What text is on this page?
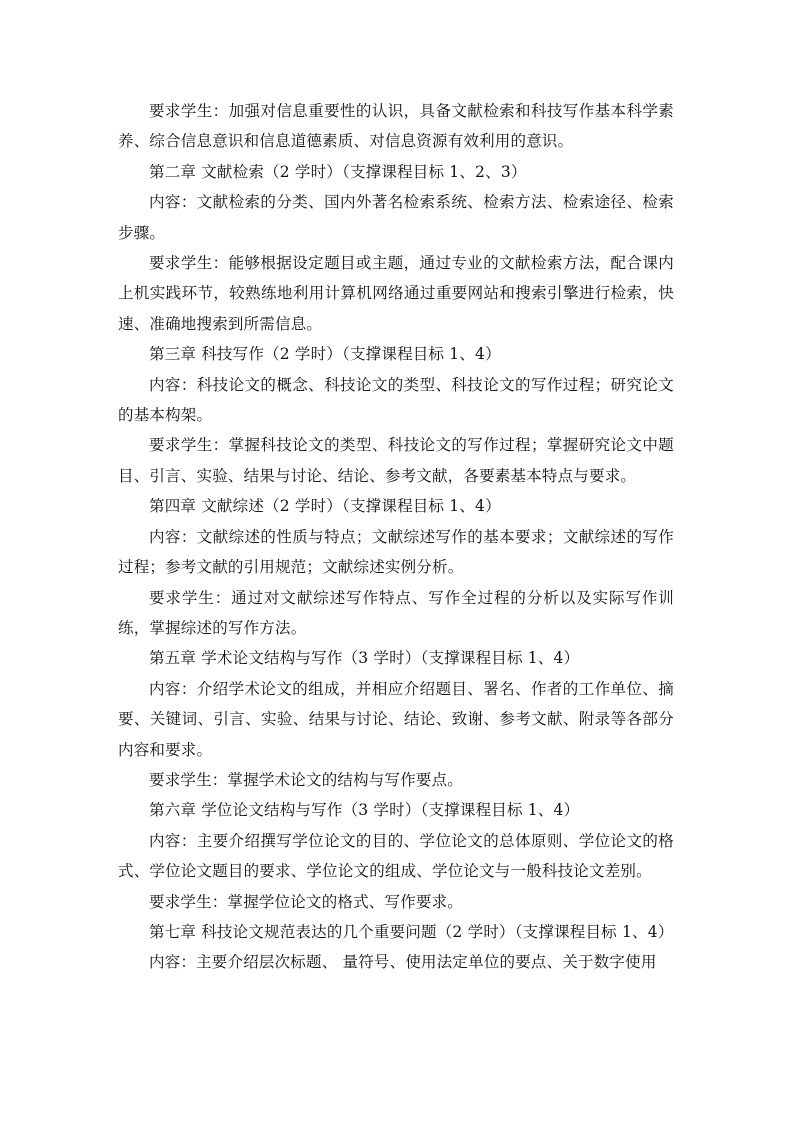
要求学生：加强对信息重要性的认识，具备文献检索和科技写作基本科学素养、综合信息意识和信息道德素质、对信息资源有效利用的意识。

第二章 文献检索（2 学时）（支撑课程目标 1、2、3）

内容：文献检索的分类、国内外著名检索系统、检索方法、检索途径、检索步骤。

要求学生：能够根据设定题目或主题，通过专业的文献检索方法，配合课内上机实践环节，较熟练地利用计算机网络通过重要网站和搜索引擎进行检索，快速、准确地搜索到所需信息。

第三章 科技写作（2 学时）（支撑课程目标 1、4）

内容：科技论文的概念、科技论文的类型、科技论文的写作过程；研究论文的基本构架。

要求学生：掌握科技论文的类型、科技论文的写作过程；掌握研究论文中题目、引言、实验、结果与讨论、结论、参考文献，各要素基本特点与要求。

第四章 文献综述（2 学时）（支撑课程目标 1、4）

内容：文献综述的性质与特点；文献综述写作的基本要求；文献综述的写作过程；参考文献的引用规范；文献综述实例分析。

要求学生：通过对文献综述写作特点、写作全过程的分析以及实际写作训练，掌握综述的写作方法。

第五章 学术论文结构与写作（3 学时）（支撑课程目标 1、4）

内容：介绍学术论文的组成，并相应介绍题目、署名、作者的工作单位、摘要、关键词、引言、实验、结果与讨论、结论、致谢、参考文献、附录等各部分内容和要求。

要求学生：掌握学术论文的结构与写作要点。

第六章 学位论文结构与写作（3 学时）（支撑课程目标 1、4）

内容：主要介绍撰写学位论文的目的、学位论文的总体原则、学位论文的格式、学位论文题目的要求、学位论文的组成、学位论文与一般科技论文差别。

要求学生：掌握学位论文的格式、写作要求。

第七章 科技论文规范表达的几个重要问题（2 学时）（支撑课程目标 1、4）

内容：主要介绍层次标题、 量符号、使用法定单位的要点、关于数字使用
